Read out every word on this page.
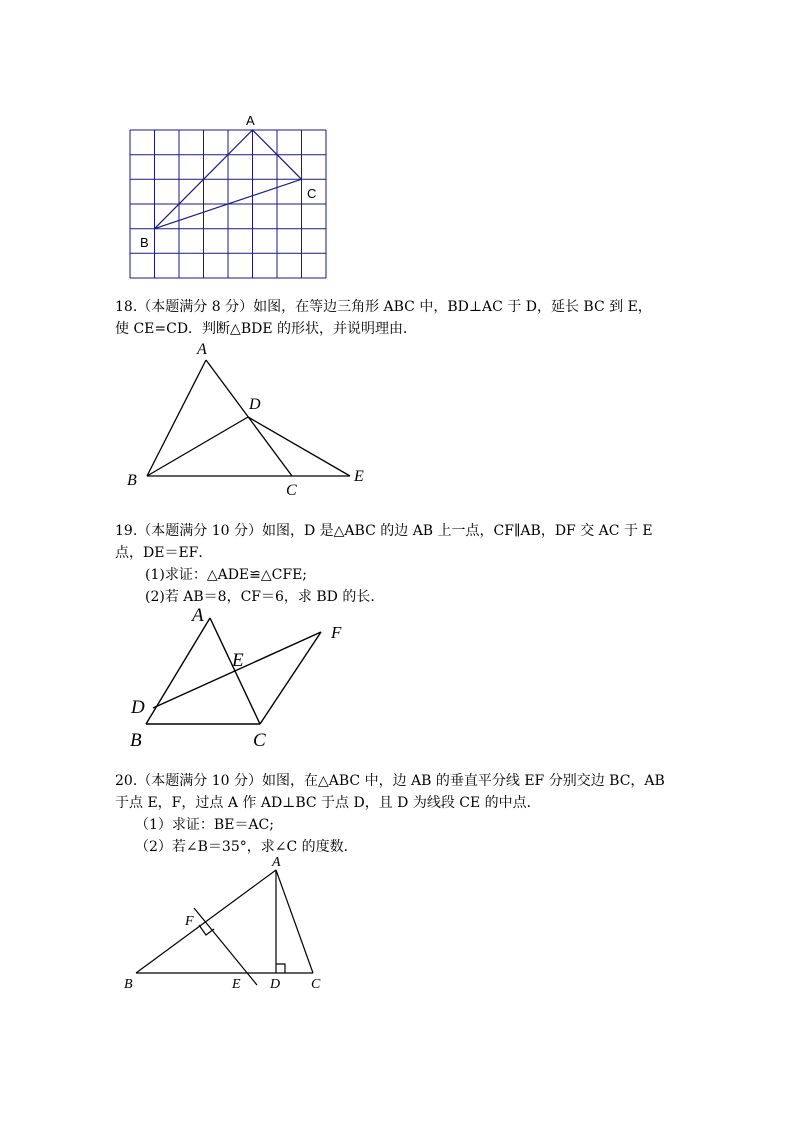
A
C
B
18.（本题满分 8 分）如图，在等边三角形 ABC 中，BD⊥AC 于 D，延长 BC 到 E，
使 CE=CD．判断△BDE 的形状，并说明理由．
A
D
B
C
E
19.（本题满分 10 分）如图，D 是△ABC 的边 AB 上一点，CF∥AB，DF 交 AC 于 E
点，DE＝EF．
(1)求证：△ADE≌△CFE;
(2)若 AB＝8，CF＝6，求 BD 的长．
A
F
E
D
B	C
20.（本题满分 10 分）如图，在△ABC 中，边 AB 的垂直平分线 EF 分别交边 BC，AB
于点 E，F，过点 A 作 AD⊥BC 于点 D，且 D 为线段 CE 的中点．
（1）求证：BE＝AC;
（2）若∠B＝35°，求∠C 的度数．
A
F
B	E D C
